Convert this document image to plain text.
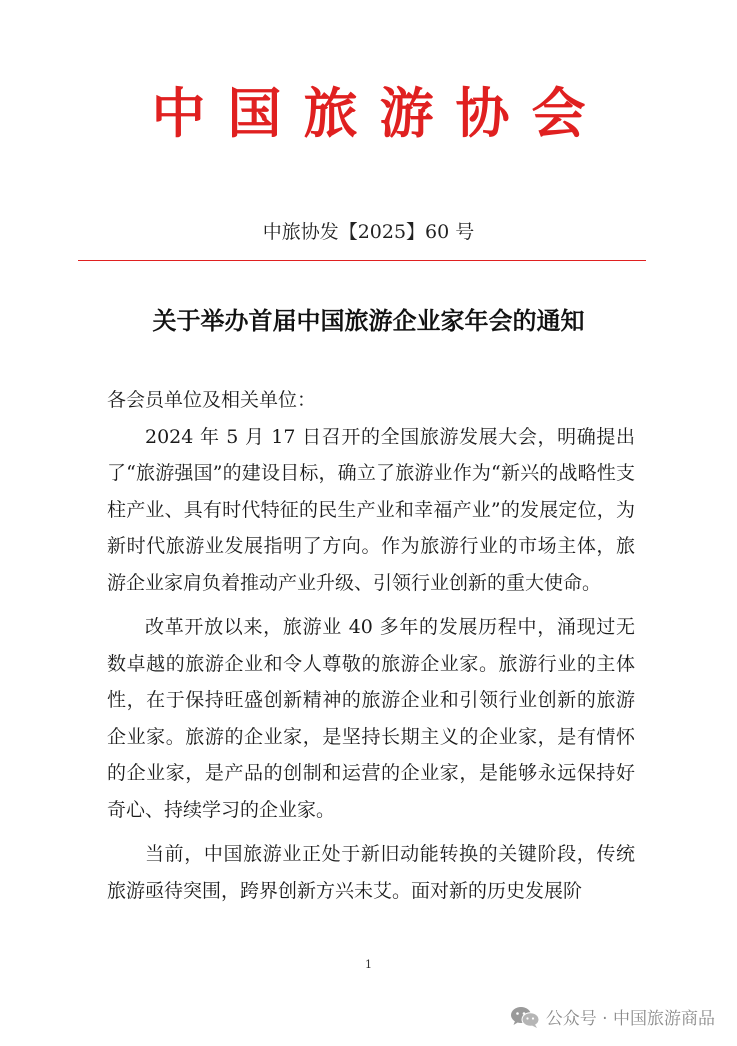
中国旅游协会
中旅协发【2025】60 号
关于举办首届中国旅游企业家年会的通知

各会员单位及相关单位：

2024 年 5 月 17 日召开的全国旅游发展大会，明确提出了“旅游强国”的建设目标，确立了旅游业作为“新兴的战略性支柱产业、具有时代特征的民生产业和幸福产业”的发展定位，为新时代旅游业发展指明了方向。作为旅游行业的市场主体，旅游企业家肩负着推动产业升级、引领行业创新的重大使命。

改革开放以来，旅游业 40 多年的发展历程中，涌现过无数卓越的旅游企业和令人尊敬的旅游企业家。旅游行业的主体性，在于保持旺盛创新精神的旅游企业和引领行业创新的旅游企业家。旅游的企业家，是坚持长期主义的企业家，是有情怀的企业家，是产品的创制和运营的企业家，是能够永远保持好奇心、持续学习的企业家。

当前，中国旅游业正处于新旧动能转换的关键阶段，传统旅游亟待突围，跨界创新方兴未艾。面对新的历史发展阶

1
公众号 · 中国旅游商品
